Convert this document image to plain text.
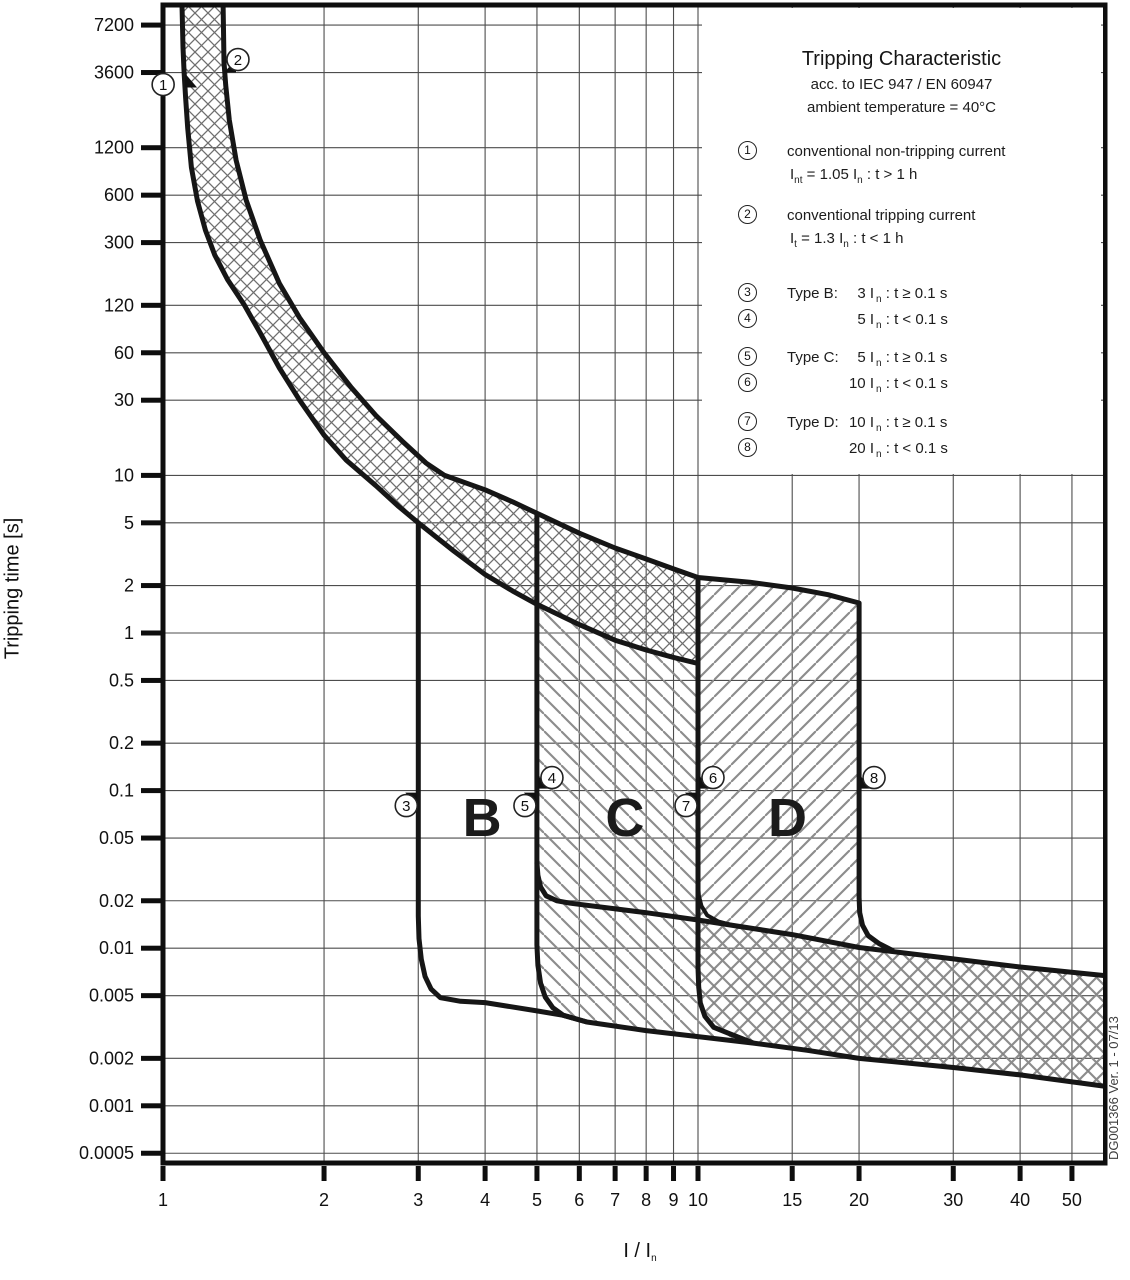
1	2	3	4 5 6 7 8 9 10	15	20	30	40 50
7200
3600
1200
600
300
120
60
30
10
5
2
1
0.5
0.2
0.1
0.05
0.02
0.01
0.005
0.002
0.001
0.0005
B C D
1
2
3
4
5
6
7
8
Tripping Characteristic
acc. to IEC 947 / EN 60947
ambient temperature = 40°C
1	conventional non-tripping current
$I_{nt} = 1.05$ $I_n$ : t > 1 h
2	conventional tripping current
$I_t = 1.3$ $I_n$ : t < 1 h
3
4
Type B:	3 I $_n$ : t ≥ 0.1 s
5 I $_n$ : t < 0.1 s
5
6
Type C:	5 I $_n$ : t ≥ 0.1 s
10 I $_n$ : t < 0.1 s
7
8
Type D: 10 I $_n$ : t ≥ 0.1 s
20 I $_n$ : t < 0.1 s
Tripping time [s]
I / $I_n$
DG001366 Ver. 1 - 07/13
